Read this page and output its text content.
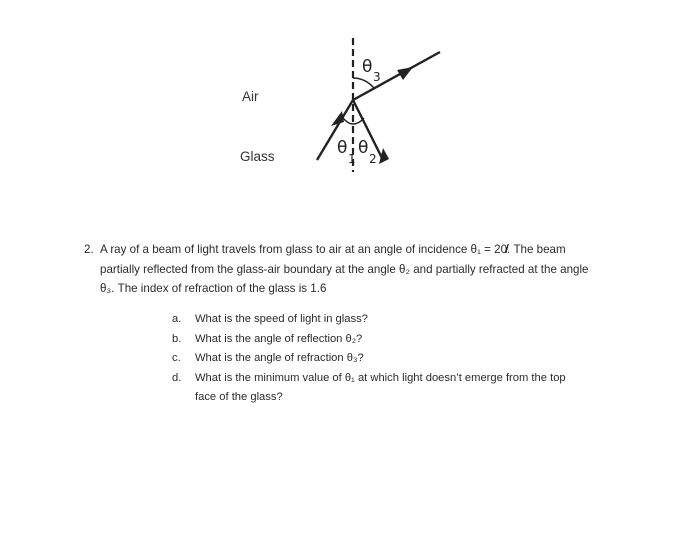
Air
Glass
θ 3
θ
1
θ
2
2. A ray of a beam of light travels from glass to air at an angle of incidence θ₁ = 20̸̸̸̸̸̸̸̸̸̸̸̸̸̸̸̸̸̸̸̸. The beam
partially reflected from the glass-air boundary at the angle θ₂ and partially refracted at the angle
θ₃. The index of refraction of the glass is 1.6
a. What is the speed of light in glass?
b. What is the angle of reflection θ₂?
c. What is the angle of refraction θ₃?
d. What is the minimum value of θ₁ at which light doesn’t emerge from the top
face of the glass?
